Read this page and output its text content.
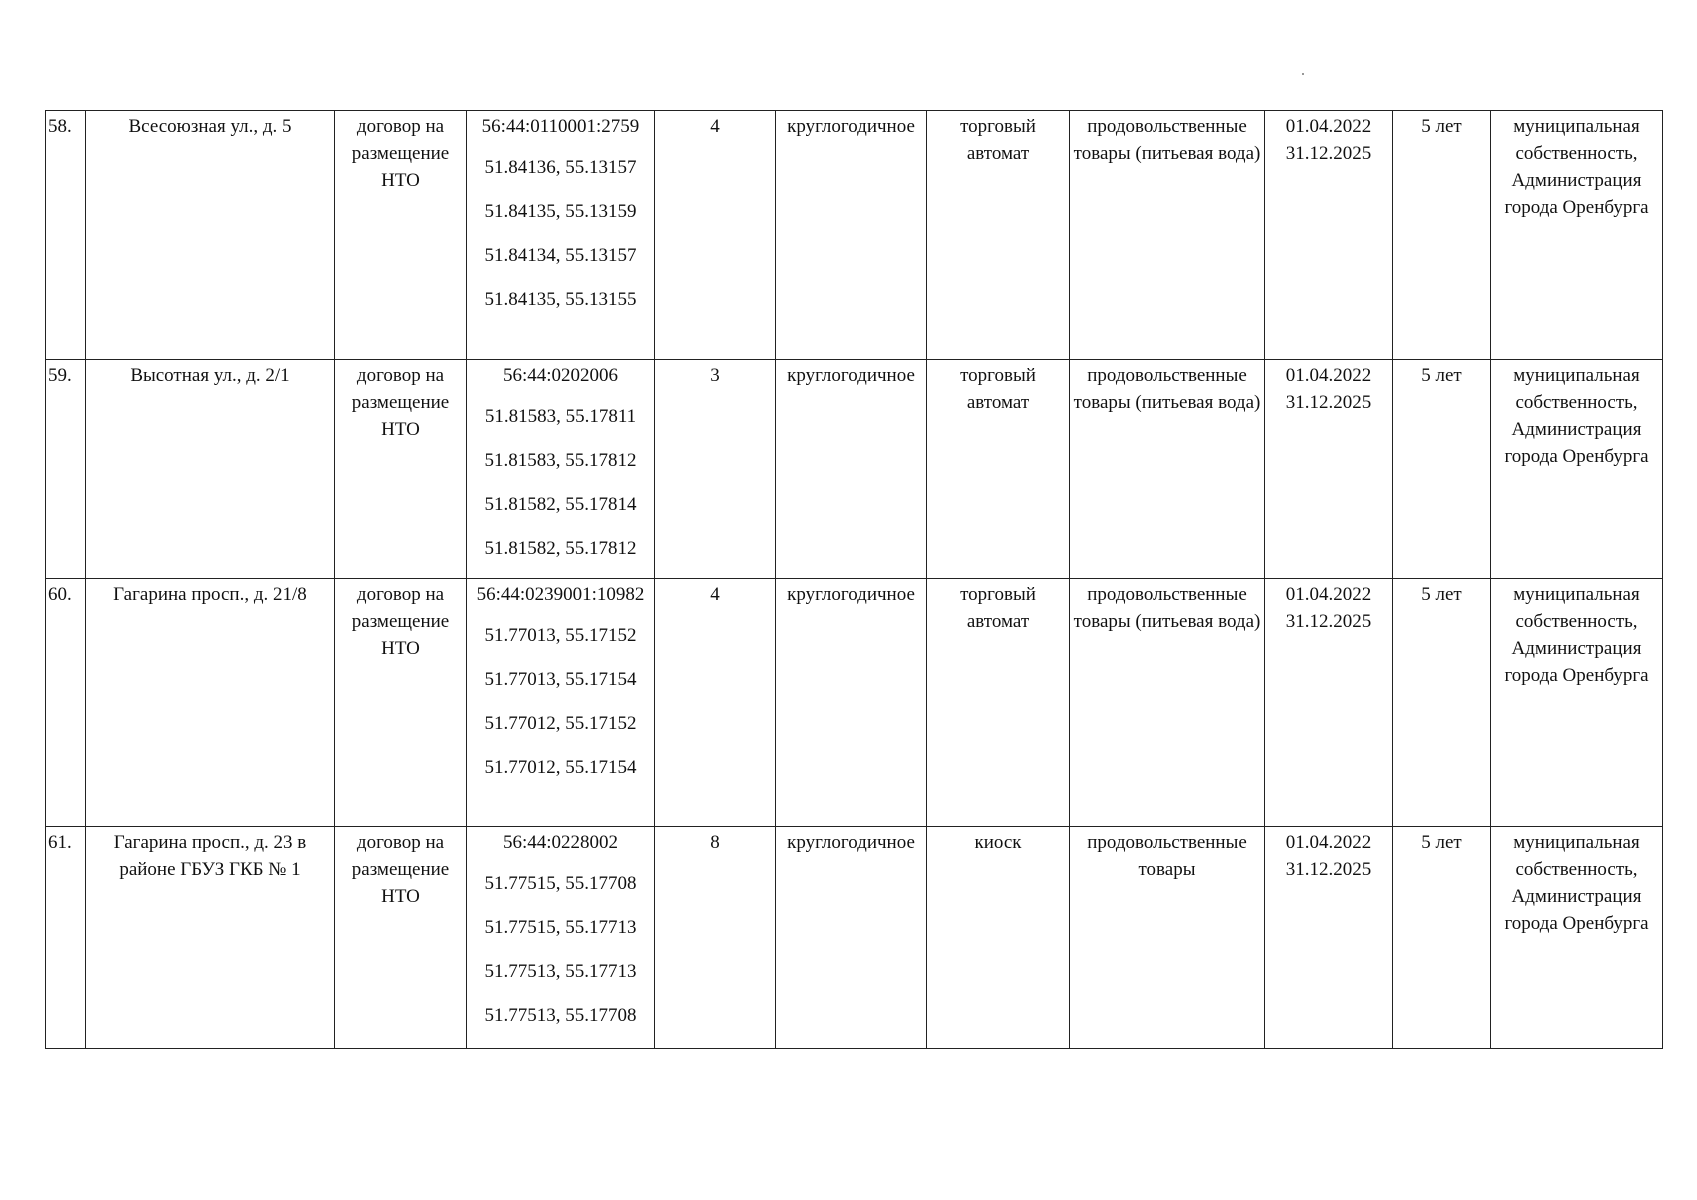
58.	Всесоюзная ул., д. 5	договор на размещение НТО	56:44:0110001:2759
51.84136, 55.13157
51.84135, 55.13159
51.84134, 55.13157
51.84135, 55.13155	4	круглогодичное	торговый автомат	продовольственные товары (питьевая вода)	01.04.2022
31.12.2025	5 лет	муниципальная собственность, Администрация города Оренбурга
59.	Высотная ул., д. 2/1	договор на размещение НТО	56:44:0202006
51.81583, 55.17811
51.81583, 55.17812
51.81582, 55.17814
51.81582, 55.17812	3	круглогодичное	торговый автомат	продовольственные товары (питьевая вода)	01.04.2022
31.12.2025	5 лет	муниципальная собственность, Администрация города Оренбурга
60.	Гагарина просп., д. 21/8	договор на размещение НТО	56:44:0239001:10982
51.77013, 55.17152
51.77013, 55.17154
51.77012, 55.17152
51.77012, 55.17154	4	круглогодичное	торговый автомат	продовольственные товары (питьевая вода)	01.04.2022
31.12.2025	5 лет	муниципальная собственность, Администрация города Оренбурга
61.	Гагарина просп., д. 23 в районе ГБУЗ ГКБ № 1	договор на размещение НТО	56:44:0228002
51.77515, 55.17708
51.77515, 55.17713
51.77513, 55.17713
51.77513, 55.17708	8	круглогодичное	киоск	продовольственные товары	01.04.2022
31.12.2025	5 лет	муниципальная собственность, Администрация города Оренбурга
